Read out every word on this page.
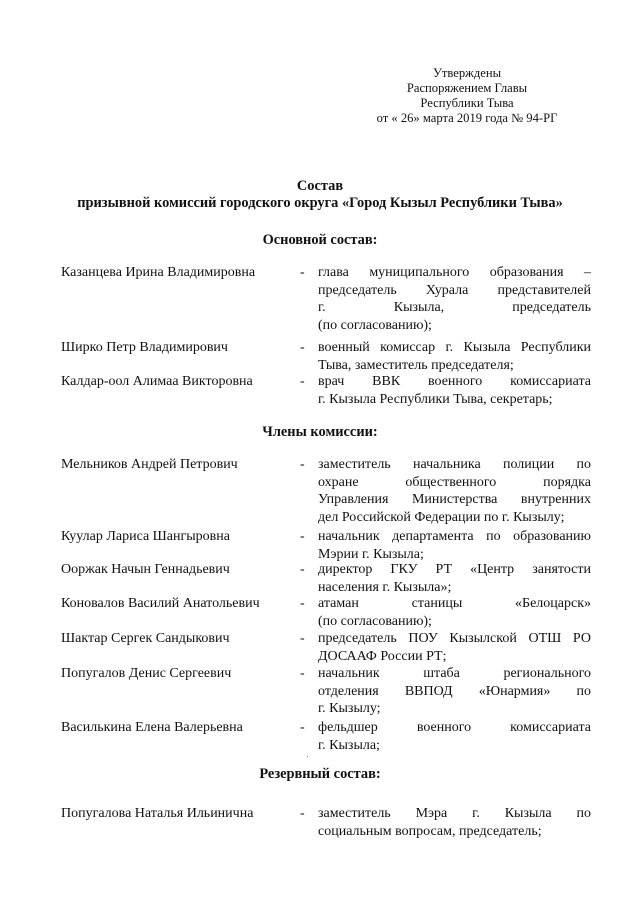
Утверждены
Распоряжением Главы
Республики Тыва
от « 26» марта 2019 года № 94-РГ
Состав
призывной комиссий городского округа «Город Кызыл Республики Тыва»
Основной состав:
Казанцева Ирина Владимировна	- глава муниципального образования –
председатель Хурала представителей
г. Кызыла, председатель
(по согласованию);
Ширко Петр Владимирович	- военный комиссар г. Кызыла Республики
Тыва, заместитель председателя;
Калдар-оол Алимаа Викторовна	- врач ВВК военного комиссариата
г. Кызыла Республики Тыва, секретарь;
Члены комиссии:
Мельников Андрей Петрович	- заместитель начальника полиции по
охране общественного порядка
Управления Министерства внутренних
дел Российской Федерации по г. Кызылу;
Куулар Лариса Шангыровна	- начальник департамента по образованию
Мэрии г. Кызыла;
Ооржак Начын Геннадьевич	- директор ГКУ РТ «Центр занятости
населения г. Кызыла»;
Коновалов Василий Анатольевич	- атаман станицы «Белоцарск»
(по согласованию);
Шактар Сергек Сандыкович	- председатель ПОУ Кызылской ОТШ РО
ДОСААФ России РТ;
Попугалов Денис Сергеевич	- начальник штаба регионального
отделения ВВПОД «Юнармия» по
г. Кызылу;
Василькина Елена Валерьевна	- фельдшер военного комиссариата
г. Кызыла;
Резервный состав:
Попугалова Наталья Ильинична	- заместитель Мэра г. Кызыла по
социальным вопросам, председатель;
